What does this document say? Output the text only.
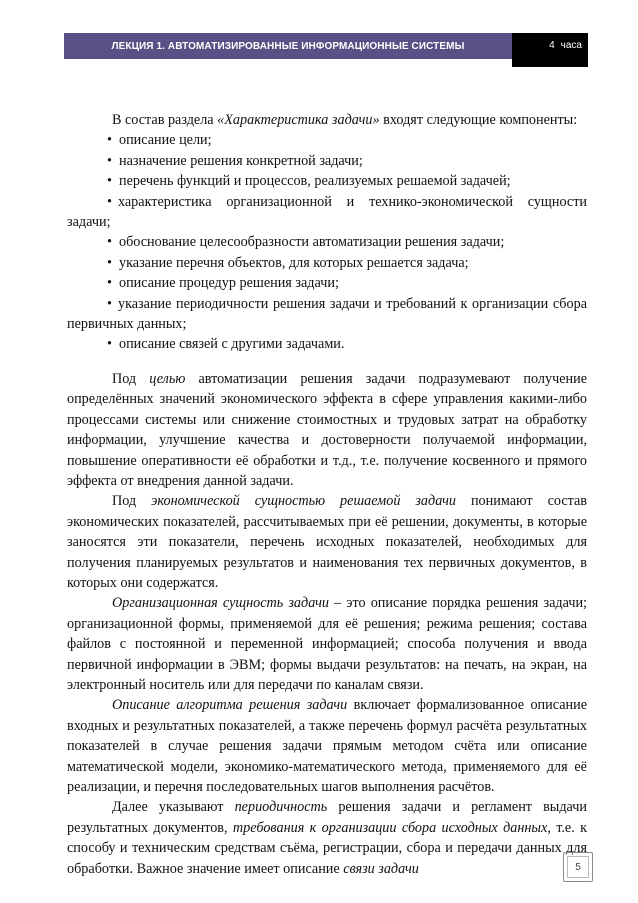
ЛЕКЦИЯ 1. АВТОМАТИЗИРОВАННЫЕ ИНФОРМАЦИОННЫЕ СИСТЕМЫ	4 часа

В состав раздела «Характеристика задачи» входят следующие компоненты:

• описание цели;
• назначение решения конкретной задачи;
• перечень функций и процессов, реализуемых решаемой задачей;
• характеристика организационной и технико-экономической сущности задачи;
• обоснование целесообразности автоматизации решения задачи;
• указание перечня объектов, для которых решается задача;
• описание процедур решения задачи;
• указание периодичности решения задачи и требований к организации сбора первичных данных;
• описание связей с другими задачами.

Под целью автоматизации решения задачи подразумевают получение определённых значений экономического эффекта в сфере управления какими-либо процессами системы или снижение стоимостных и трудовых затрат на обработку информации, улучшение качества и достоверности получаемой информации, повышение оперативности её обработки и т.д., т.е. получение косвенного и прямого эффекта от внедрения данной задачи.

Под экономической сущностью решаемой задачи понимают состав экономических показателей, рассчитываемых при её решении, документы, в которые заносятся эти показатели, перечень исходных показателей, необходимых для получения планируемых результатов и наименования тех первичных документов, в которых они содержатся.

Организационная сущность задачи – это описание порядка решения задачи; организационной формы, применяемой для её решения; режима решения; состава файлов с постоянной и переменной информацией; способа получения и ввода первичной информации в ЭВМ; формы выдачи результатов: на печать, на экран, на электронный носитель или для передачи по каналам связи.

Описание алгоритма решения задачи включает формализованное описание входных и результатных показателей, а также перечень формул расчёта результатных показателей в случае решения задачи прямым методом счёта или описание математической модели, экономико-математического метода, применяемого для её реализации, и перечня последовательных шагов выполнения расчётов.

Далее указывают периодичность решения задачи и регламент выдачи результатных документов, требования к организации сбора исходных данных, т.е. к способу и техническим средствам съёма, регистрации, сбора и передачи данных для обработки. Важное значение имеет описание связи задачи	5
